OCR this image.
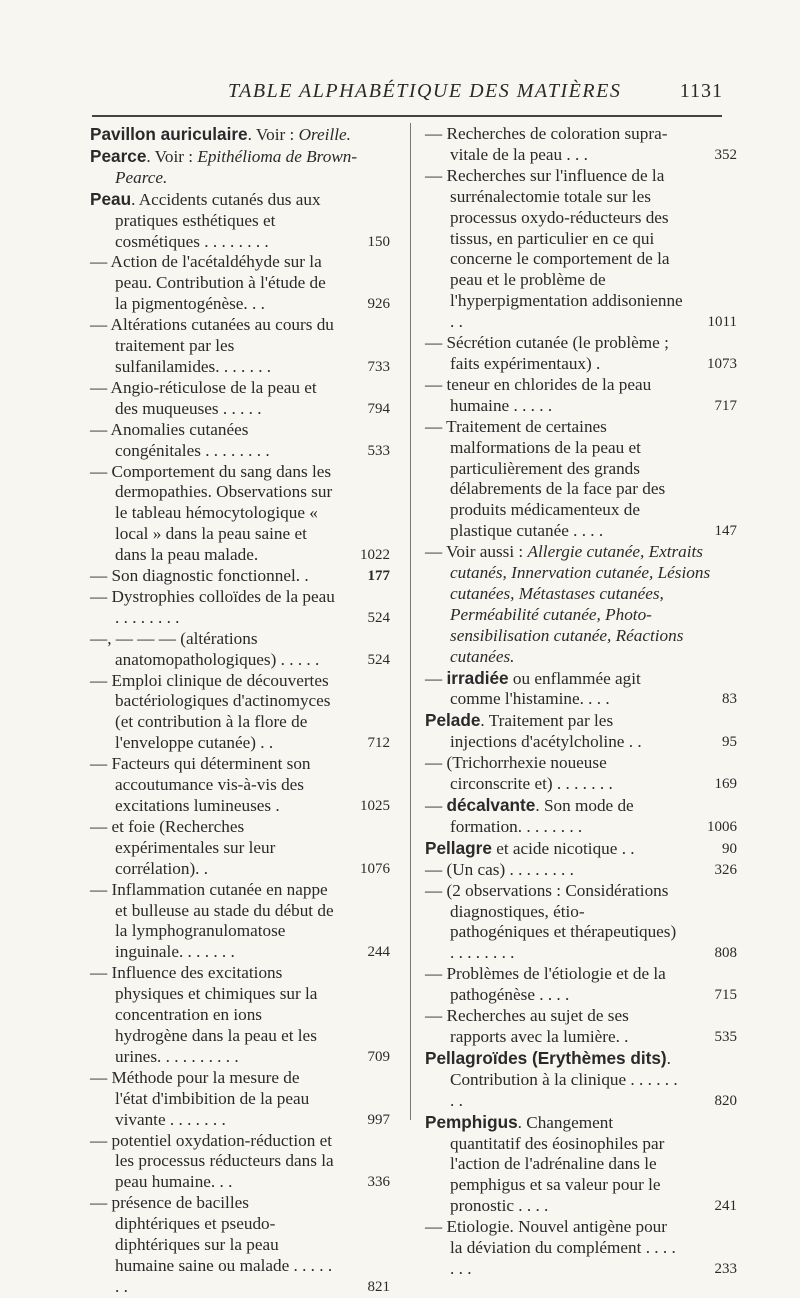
TABLE ALPHABÉTIQUE DES MATIÈRES	1131
Pavillon auriculaire. Voir : Oreille.
Pearce. Voir : Epithélioma de Brown-Pearce.
Peau. Accidents cutanés dus aux pratiques esthétiques et cosmétiques . . . . . . . .	150
— Action de l'acétaldéhyde sur la peau. Contribution à l'étude de la pigmentogénèse. . .	926
— Altérations cutanées au cours du traitement par les sulfanilamides. . . . . . .	733
— Angio-réticulose de la peau et des muqueuses . . . . .	794
— Anomalies cutanées congénitales . . . . . . . .	533
— Comportement du sang dans les dermopathies. Observations sur le tableau hémocytologique « local » dans la peau saine et dans la peau malade.	1022
— Son diagnostic fonctionnel. .	177
— Dystrophies colloïdes de la peau . . . . . . . .	524
—, — — — (altérations anatomopathologiques) . . . . .	524
— Emploi clinique de découvertes bactériologiques d'actinomyces (et contribution à la flore de l'enveloppe cutanée) . .	712
— Facteurs qui déterminent son accoutumance vis-à-vis des excitations lumineuses .	1025
— et foie (Recherches expérimentales sur leur corrélation). .	1076
— Inflammation cutanée en nappe et bulleuse au stade du début de la lymphogranulomatose inguinale. . . . . . .	244
— Influence des excitations physiques et chimiques sur la concentration en ions hydrogène dans la peau et les urines. . . . . . . . . .	709
— Méthode pour la mesure de l'état d'imbibition de la peau vivante . . . . . . .	997
— potentiel oxydation-réduction et les processus réducteurs dans la peau humaine. . .	336
— présence de bacilles diphtériques et pseudo-diphtériques sur la peau humaine saine ou malade . . . . . . .	821
— Recherches de coloration supra-vitale de la peau . . .	352
— Recherches sur l'influence de la surrénalectomie totale sur les processus oxydo-réducteurs des tissus, en particulier en ce qui concerne le comportement de la peau et le problème de l'hyperpigmentation addisonienne . .	1011
— Sécrétion cutanée (le problème ; faits expérimentaux) .	1073
— teneur en chlorides de la peau humaine . . . . .	717
— Traitement de certaines malformations de la peau et particulièrement des grands délabrements de la face par des produits médicamenteux de plastique cutanée . . . .	147
— Voir aussi : Allergie cutanée, Extraits cutanés, Innervation cutanée, Lésions cutanées, Métastases cutanées, Perméabilité cutanée, Photo-sensibilisation cutanée, Réactions cutanées.
— irradiée ou enflammée agit comme l'histamine. . . .	83
Pelade. Traitement par les injections d'acétylcholine . .	95
— (Trichorrhexie noueuse circonscrite et) . . . . . . .	169
— décalvante. Son mode de formation. . . . . . . .	1006
Pellagre et acide nicotique . .	90
— (Un cas) . . . . . . . .	326
— (2 observations : Considérations diagnostiques, étio-pathogéniques et thérapeutiques) . . . . . . . .	808
— Problèmes de l'étiologie et de la pathogénèse . . . .	715
— Recherches au sujet de ses rapports avec la lumière. .	535
Pellagroïdes (Erythèmes dits). Contribution à la clinique . . . . . . . .	820
Pemphigus. Changement quantitatif des éosinophiles par l'action de l'adrénaline dans le pemphigus et sa valeur pour le pronostic . . . .	241
— Etiologie. Nouvel antigène pour la déviation du complément . . . . . . .	233
